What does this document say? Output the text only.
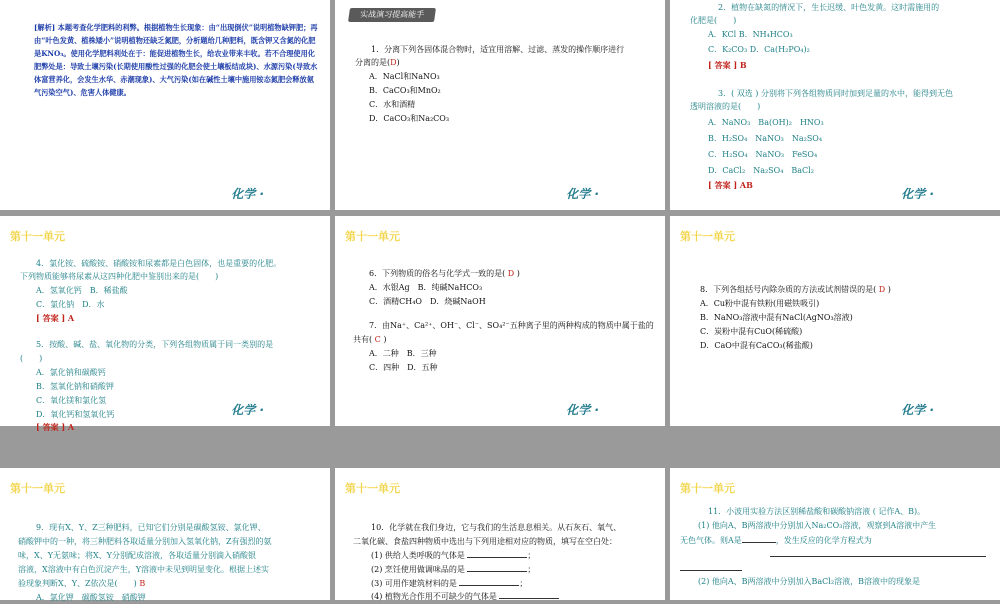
[解析] 本题考查化学肥料的利弊。根据植物生长现象：由“出现倒伏”说明植物缺钾肥；再由“叶色发黄、植株矮小”说明植物还缺乏氮肥，分析题给几种肥料，既含钾又含氮的化肥是KNO₃。使用化学肥料利处在于：能促进植物生长，给农业带来丰收。若不合理使用化肥弊处是：导致土壤污染(长期使用酸性过强的化肥会使土壤板结成块)、水源污染(导致水体富营养化，会发生水华、赤潮现象)、大气污染(如在碱性土壤中施用铵态氮肥会释放氨气污染空气)、危害人体健康。
化学 ·
实战演习提高能手
1．分离下列各固体混合物时，适宜用溶解、过滤、蒸发的操作顺序进行
分离的是(D)
A．NaCl和NaNO₃
B．CaCO₃和MnO₂
C．水和酒精
D．CaCO₃和Na₂CO₃
化学 ·
2．植物在缺氮的情况下，生长迟缓、叶色发黄。这时需施用的
化肥是(　　)
A．KCl B．NH₄HCO₃
C．K₂CO₃ D．Ca(H₂PO₄)₂
[ 答案 ] B
3．( 双选 ) 分别将下列各组物质同时加到足量的水中，能得到无色
透明溶液的是(　　)
A．NaNO₃　Ba(OH)₂　HNO₃
B．H₂SO₄　NaNO₃　Na₂SO₄
C．H₂SO₄　NaNO₃　FeSO₄
D．CaCl₂　Na₂SO₄　BaCl₂
[ 答案 ] AB
化学 ·
第十一单元
4．氯化铵、硫酸铵、硝酸铵和尿素都是白色固体，也是重要的化肥。
下列物质能够将尿素从这四种化肥中鉴别出来的是(　　)
A．氢氧化钙　B．稀盐酸
C．氯化钠　D．水
[ 答案 ] A
5．按酸、碱、盐、氧化物的分类，下列各组物质属于同一类别的是
(　　)
A．氯化钠和碳酸钙
B．氢氧化钠和硝酸钾
C．氧化镁和氯化氢
D．氧化钙和氢氧化钙
[ 答案 ] A
化学 ·
第十一单元
6．下列物质的俗名与化学式一致的是( D )
A．水银Ag　B．纯碱NaHCO₃
C．酒精CH₄O　D．烧碱NaOH
7．由Na⁺、Ca²⁺、OH⁻、Cl⁻、SO₄²⁻五种离子里的两种构成的物质中属于盐的
共有( C )
A．二种　B．三种
C．四种　D．五种
化学 ·
第十一单元
8．下列各组括号内除杂质的方法或试剂错误的是( D )
A．Cu粉中混有铁粉(用磁铁吸引)
B．NaNO₃溶液中混有NaCl(AgNO₃溶液)
C．炭粉中混有CuO(稀硫酸)
D．CaO中混有CaCO₃(稀盐酸)
化学 ·
第十一单元
9．现有X、Y、Z三种肥料，已知它们分别是碳酸氢铵、氯化钾、
硝酸钾中的一种，将三种肥料各取适量分别加入氢氧化钠，Z有强烈的氨
味，X、Y无氨味；将X、Y分别配成溶液，各取适量分别滴入硝酸银
溶液，X溶液中有白色沉淀产生，Y溶液中未见到明显变化。根据上述实
验现象判断X、Y、Z依次是(　　) B
A．氯化钾　碳酸氢铵　硝酸钾
第十一单元
10．化学就在我们身边，它与我们的生活息息相关。从石灰石、氧气、
二氧化碳、食盐四种物质中选出与下列用途相对应的物质，填写在空白处：
(1) 供给人类呼吸的气体是	；
(2) 烹饪使用做调味品的是	；
(3) 可用作建筑材料的是	；
(4) 植物光合作用不可缺少的气体是
第十一单元
11．小波用实验方法区别稀盐酸和碳酸钠溶液 ( 记作A、B)。
(1) 他向A、B两溶液中分别加入Na₂CO₃溶液，观察到A溶液中产生
无色气体。则A是	，发生反应的化学方程式为
(2) 他向A、B两溶液中分别加入BaCl₂溶液，B溶液中的现象是
